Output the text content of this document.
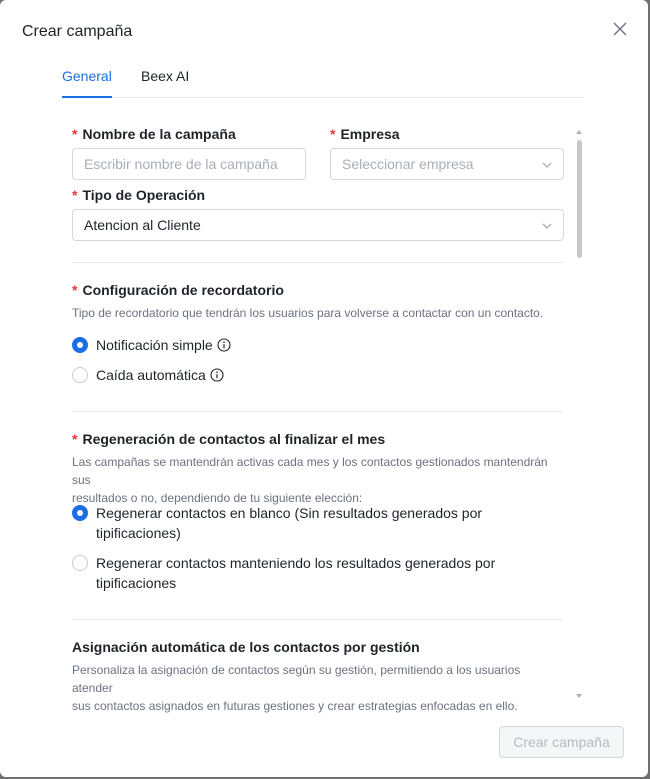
Crear campaña
General Beex AI
* Nombre de la campaña
Escribir nombre de la campaña	* Empresa
Seleccionar empresa
* Tipo de Operación
Atencion al Cliente
* Configuración de recordatorio
Tipo de recordatorio que tendrán los usuarios para volverse a contactar con un contacto.
Notificación simple
Caída automática
* Regeneración de contactos al finalizar el mes
Las campañas se mantendrán activas cada mes y los contactos gestionados mantendrán sus
resultados o no, dependiendo de tu siguiente elección:
Regenerar contactos en blanco (Sin resultados generados por
tipificaciones)
Regenerar contactos manteniendo los resultados generados por
tipificaciones
Asignación automática de los contactos por gestión
Personaliza la asignación de contactos según su gestión, permitiendo a los usuarios atender
sus contactos asignados en futuras gestiones y crear estrategias enfocadas en ello.
Crear campaña
